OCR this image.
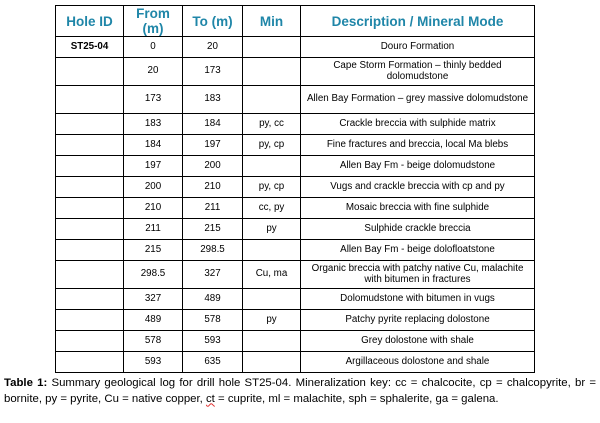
Hole ID	From (m)	To (m)	Min	Description / Mineral Mode
ST25-04	0	20		Douro Formation
	20	173		Cape Storm Formation – thinly bedded dolomudstone
	173	183		Allen Bay Formation – grey massive dolomudstone
	183	184	py, cc	Crackle breccia with sulphide matrix
	184	197	py, cp	Fine fractures and breccia, local Ma blebs
	197	200		Allen Bay Fm - beige dolomudstone
	200	210	py, cp	Vugs and crackle breccia with cp and py
	210	211	cc, py	Mosaic breccia with fine sulphide
	211	215	py	Sulphide crackle breccia
	215	298.5		Allen Bay Fm - beige dolofloatstone
	298.5	327	Cu, ma	Organic breccia with patchy native Cu, malachite with bitumen in fractures
	327	489		Dolomudstone with bitumen in vugs
	489	578	py	Patchy pyrite replacing dolostone
	578	593		Grey dolostone with shale
	593	635		Argillaceous dolostone and shale

Table 1: Summary geological log for drill hole ST25-04. Mineralization key: cc = chalcocite, cp = chalcopyrite, br = bornite, py = pyrite, Cu = native copper, ct = cuprite, ml = malachite, sph = sphalerite, ga = galena.
